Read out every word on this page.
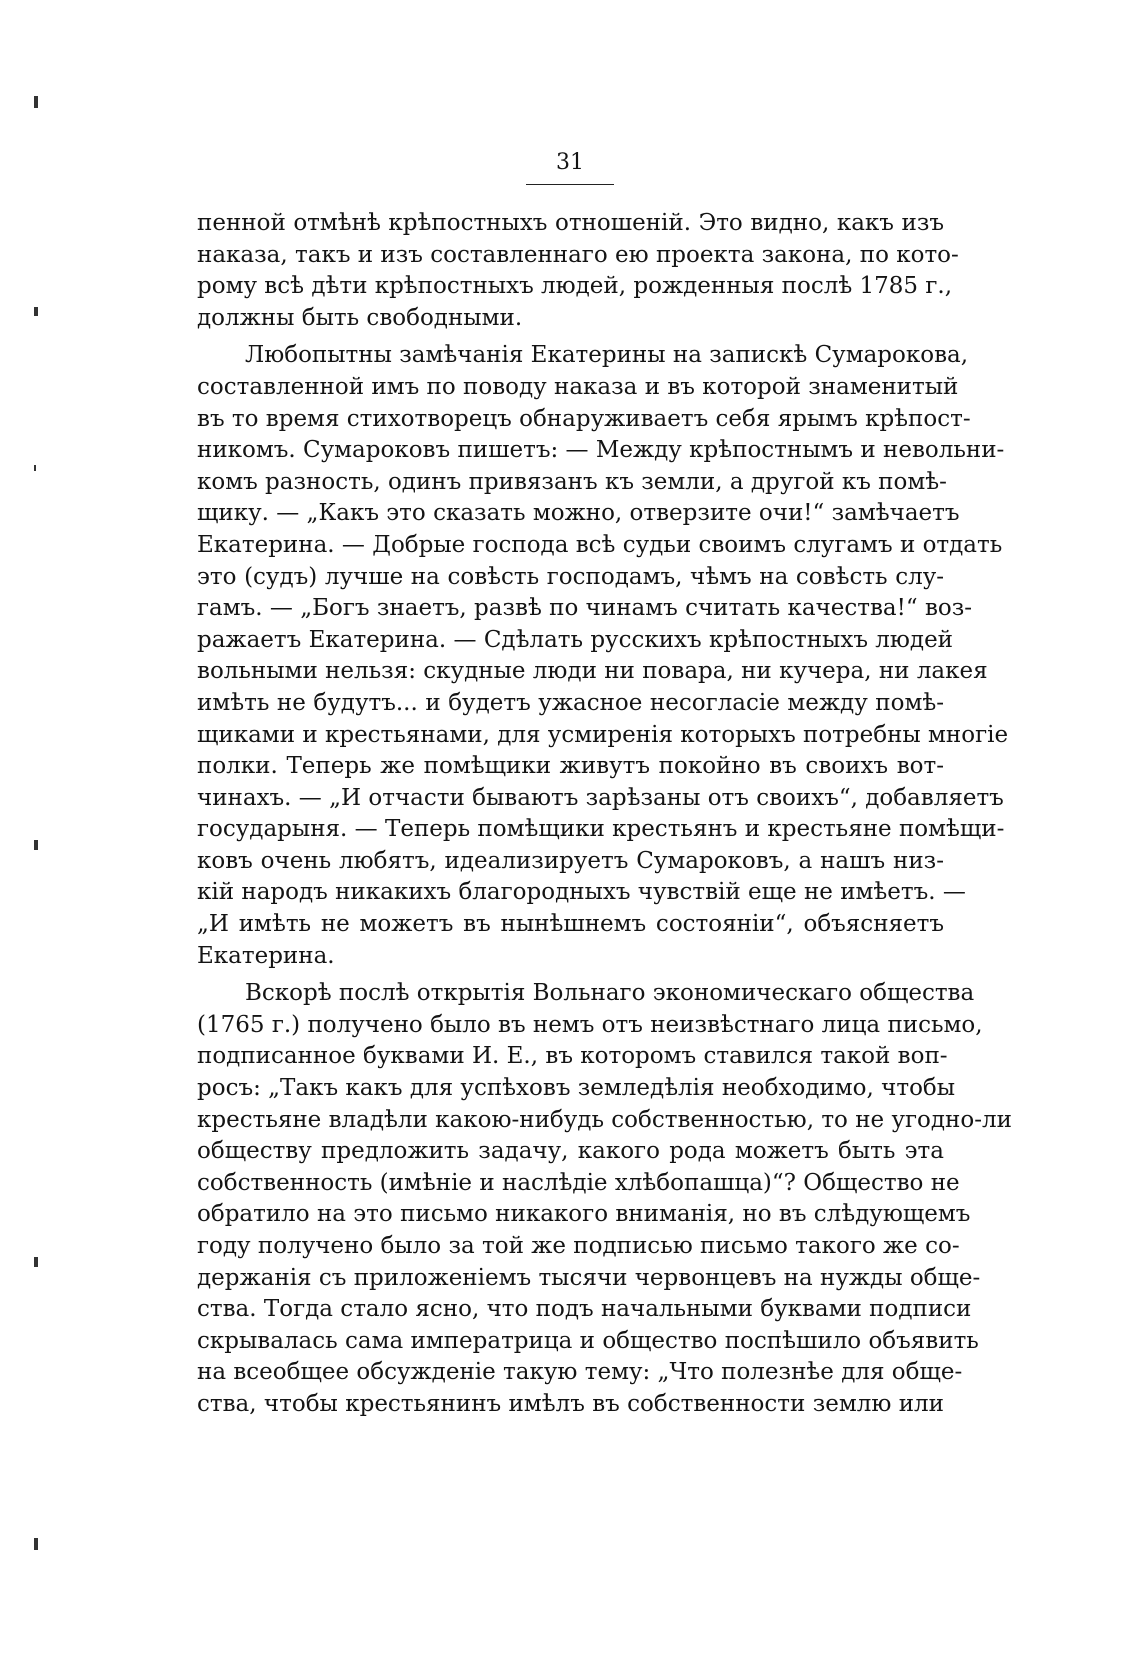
31
пенной отмѣнѣ крѣпостныхъ отношеній. Это видно, какъ изъ
наказа, такъ и изъ составленнаго ею проекта закона, по кото-
рому всѣ дѣти крѣпостныхъ людей, рожденныя послѣ 1785 г.,
должны быть свободными.
Любопытны замѣчанія Екатерины на запискѣ Сумарокова,
составленной имъ по поводу наказа и въ которой знаменитый
въ то время стихотворецъ обнаруживаетъ себя ярымъ крѣпост-
никомъ. Сумароковъ пишетъ: — Между крѣпостнымъ и невольни-
комъ разность, одинъ привязанъ къ земли, а другой къ помѣ-
щику. — „Какъ это сказать можно, отверзите очи!“ замѣчаетъ
Екатерина. — Добрые господа всѣ судьи своимъ слугамъ и отдать
это (судъ) лучше на совѣсть господамъ, чѣмъ на совѣсть слу-
гамъ. — „Богъ знаетъ, развѣ по чинамъ считать качества!“ воз-
ражаетъ Екатерина. — Сдѣлать русскихъ крѣпостныхъ людей
вольными нельзя: скудные люди ни повара, ни кучера, ни лакея
имѣть не будутъ... и будетъ ужасное несогласіе между помѣ-
щиками и крестьянами, для усмиренія которыхъ потребны многіе
полки. Теперь же помѣщики живутъ покойно въ своихъ вот-
чинахъ. — „И отчасти бываютъ зарѣзаны отъ своихъ“, добавляетъ
государыня. — Теперь помѣщики крестьянъ и крестьяне помѣщи-
ковъ очень любятъ, идеализируетъ Сумароковъ, а нашъ низ-
кій народъ никакихъ благородныхъ чувствій еще не имѣетъ. —
„И имѣть не можетъ въ нынѣшнемъ состояніи“, объясняетъ
Екатерина.
Вскорѣ послѣ открытія Вольнаго экономическаго общества
(1765 г.) получено было въ немъ отъ неизвѣстнаго лица письмо,
подписанное буквами И. Е., въ которомъ ставился такой воп-
росъ: „Такъ какъ для успѣховъ земледѣлія необходимо, чтобы
крестьяне владѣли какою-нибудь собственностью, то не угодно-ли
обществу предложить задачу, какого рода можетъ быть эта
собственность (имѣніе и наслѣдіе хлѣбопашца)“? Общество не
обратило на это письмо никакого вниманія, но въ слѣдующемъ
году получено было за той же подписью письмо такого же со-
держанія съ приложеніемъ тысячи червонцевъ на нужды обще-
ства. Тогда стало ясно, что подъ начальными буквами подписи
скрывалась сама императрица и общество поспѣшило объявить
на всеобщее обсужденіе такую тему: „Что полезнѣе для обще-
ства, чтобы крестьянинъ имѣлъ въ собственности землю или
